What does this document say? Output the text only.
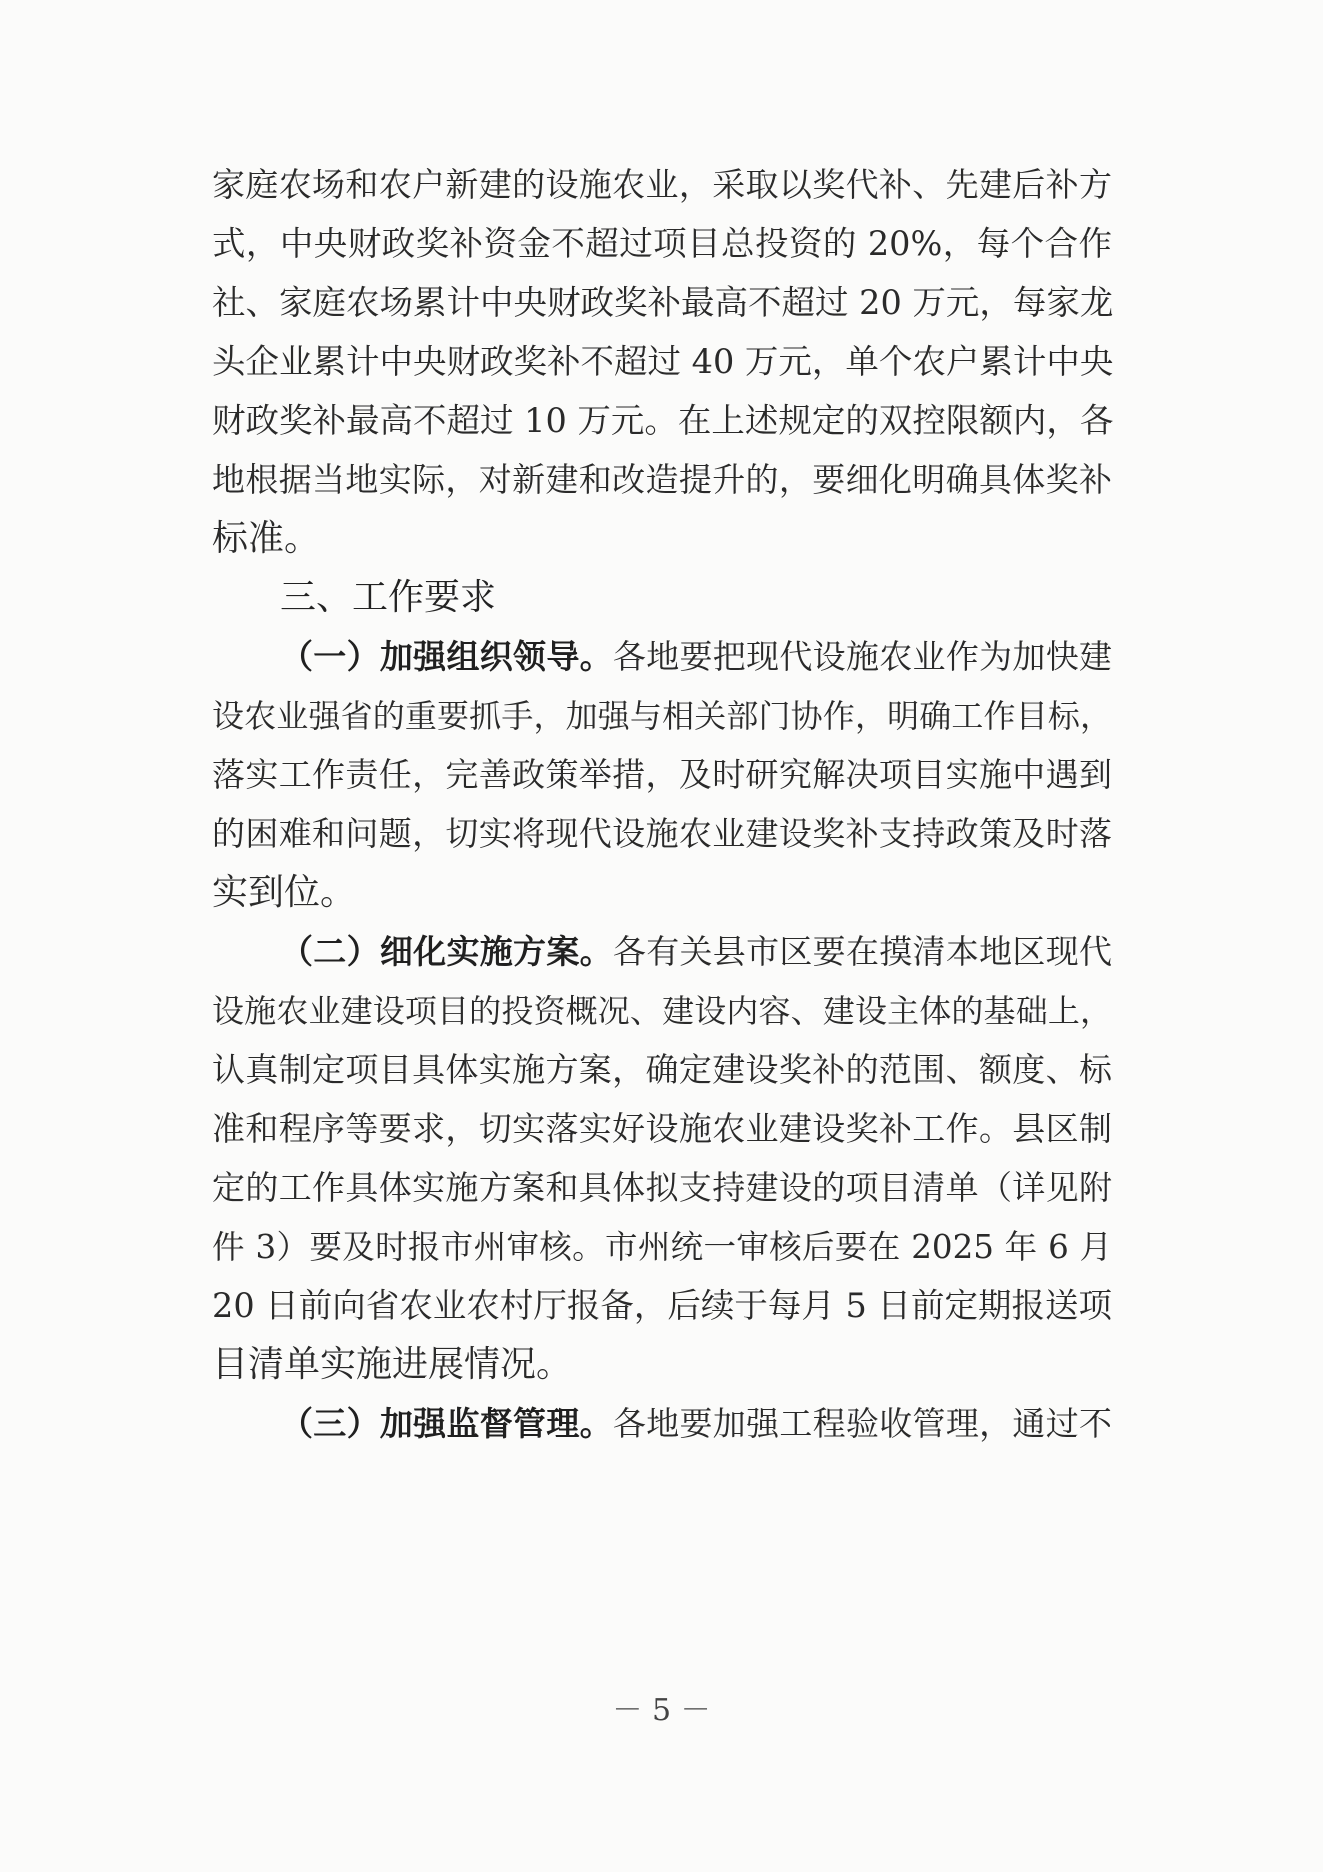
家庭农场和农户新建的设施农业，采取以奖代补、先建后补方
式，中央财政奖补资金不超过项目总投资的 20%，每个合作
社、家庭农场累计中央财政奖补最高不超过 20 万元，每家龙
头企业累计中央财政奖补不超过 40 万元，单个农户累计中央
财政奖补最高不超过 10 万元。在上述规定的双控限额内，各
地根据当地实际，对新建和改造提升的，要细化明确具体奖补
标准。
三、工作要求
（一）加强组织领导。各地要把现代设施农业作为加快建
设农业强省的重要抓手，加强与相关部门协作，明确工作目标，
落实工作责任，完善政策举措，及时研究解决项目实施中遇到
的困难和问题，切实将现代设施农业建设奖补支持政策及时落
实到位。
（二）细化实施方案。各有关县市区要在摸清本地区现代
设施农业建设项目的投资概况、建设内容、建设主体的基础上，
认真制定项目具体实施方案，确定建设奖补的范围、额度、标
准和程序等要求，切实落实好设施农业建设奖补工作。县区制
定的工作具体实施方案和具体拟支持建设的项目清单（详见附
件 3）要及时报市州审核。市州统一审核后要在 2025 年 6 月
20 日前向省农业农村厅报备，后续于每月 5 日前定期报送项
目清单实施进展情况。
（三）加强监督管理。各地要加强工程验收管理，通过不
－ 5 －
